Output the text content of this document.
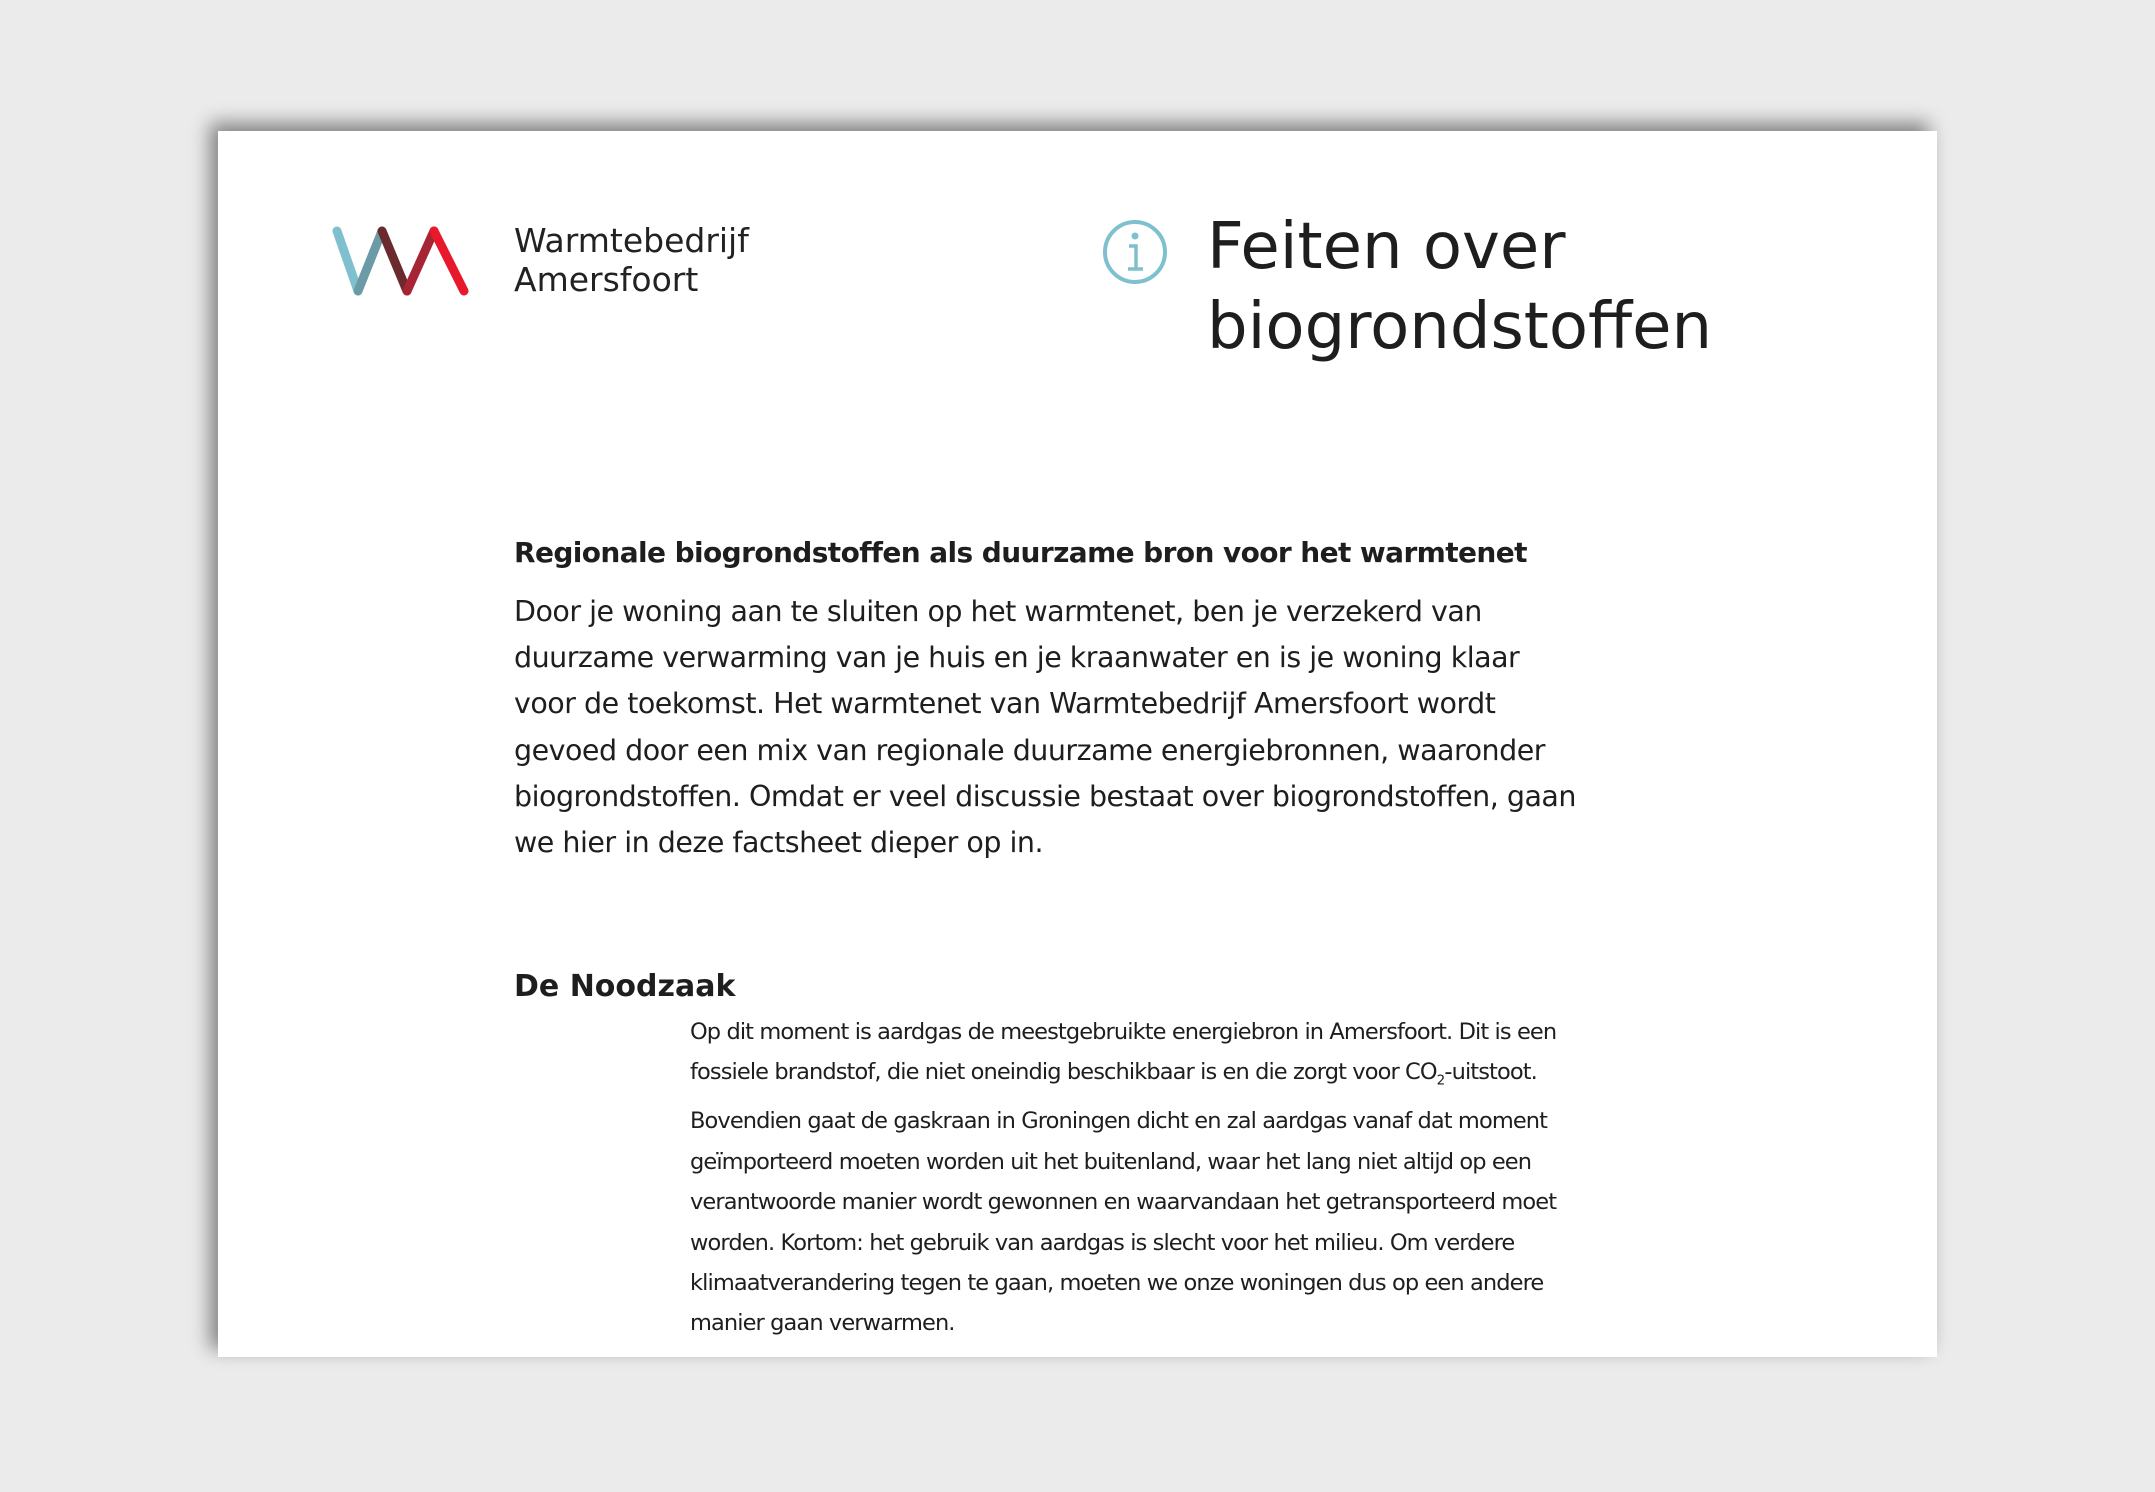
Warmtebedrijf
Amersfoort	Feiten over
biogrondstoffen
Regionale biogrondstoffen als duurzame bron voor het warmtenet
Door je woning aan te sluiten op het warmtenet, ben je verzekerd van
duurzame verwarming van je huis en je kraanwater en is je woning klaar
voor de toekomst. Het warmtenet van Warmtebedrijf Amersfoort wordt
gevoed door een mix van regionale duurzame energiebronnen, waaronder
biogrondstoffen. Omdat er veel discussie bestaat over biogrondstoffen, gaan
we hier in deze factsheet dieper op in.
De Noodzaak
Op dit moment is aardgas de meestgebruikte energiebron in Amersfoort. Dit is een
fossiele brandstof, die niet oneindig beschikbaar is en die zorgt voor $CO_2$-uitstoot.
Bovendien gaat de gaskraan in Groningen dicht en zal aardgas vanaf dat moment
geïmporteerd moeten worden uit het buitenland, waar het lang niet altijd op een
verantwoorde manier wordt gewonnen en waarvandaan het getransporteerd moet
worden. Kortom: het gebruik van aardgas is slecht voor het milieu. Om verdere
klimaatverandering tegen te gaan, moeten we onze woningen dus op een andere
manier gaan verwarmen.
